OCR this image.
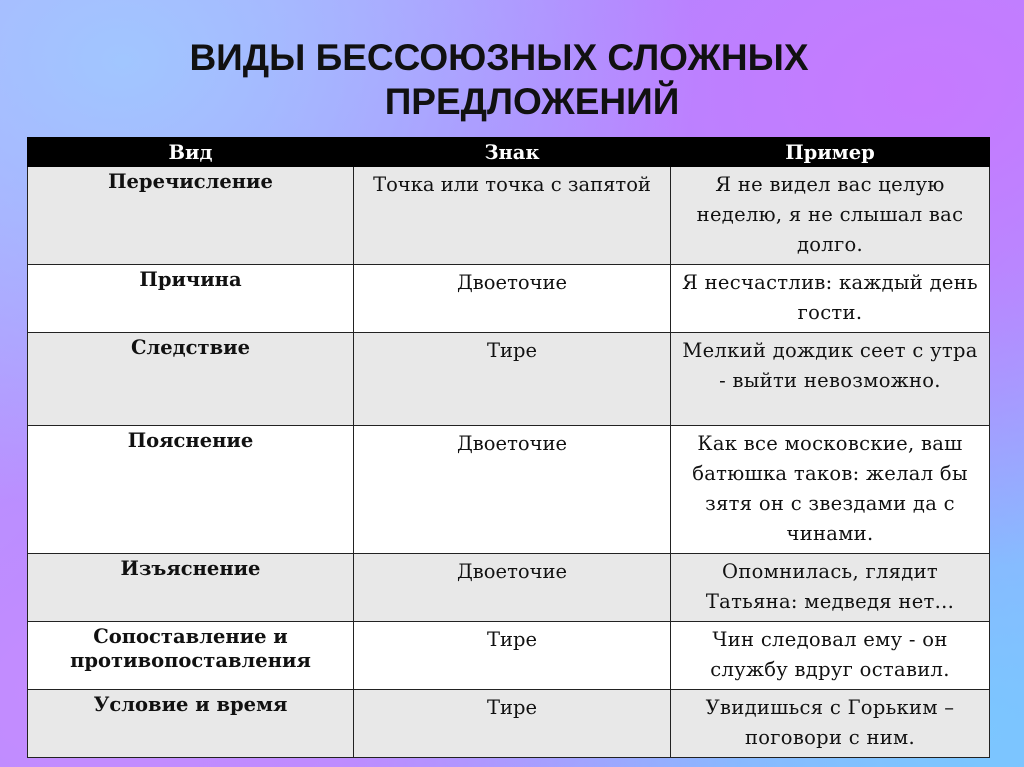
ВИДЫ БЕССОЮЗНЫХ СЛОЖНЫХ
ПРЕДЛОЖЕНИЙ
Вид	Знак	Пример
Перечисление	Точка или точка с запятой	Я не видел вас целую неделю, я не слышал вас долго.
Причина	Двоеточие	Я несчастлив: каждый день гости.
Следствие	Тире	Мелкий дождик сеет с утра - выйти невозможно.
Пояснение	Двоеточие	Как все московские, ваш батюшка таков: желал бы зятя он с звездами да с чинами.
Изъяснение	Двоеточие	Опомнилась, глядит Татьяна: медведя нет...
Сопоставление и противопоставления	Тире	Чин следовал ему - он службу вдруг оставил.
Условие и время	Тире	Увидишься с Горьким – поговори с ним.
